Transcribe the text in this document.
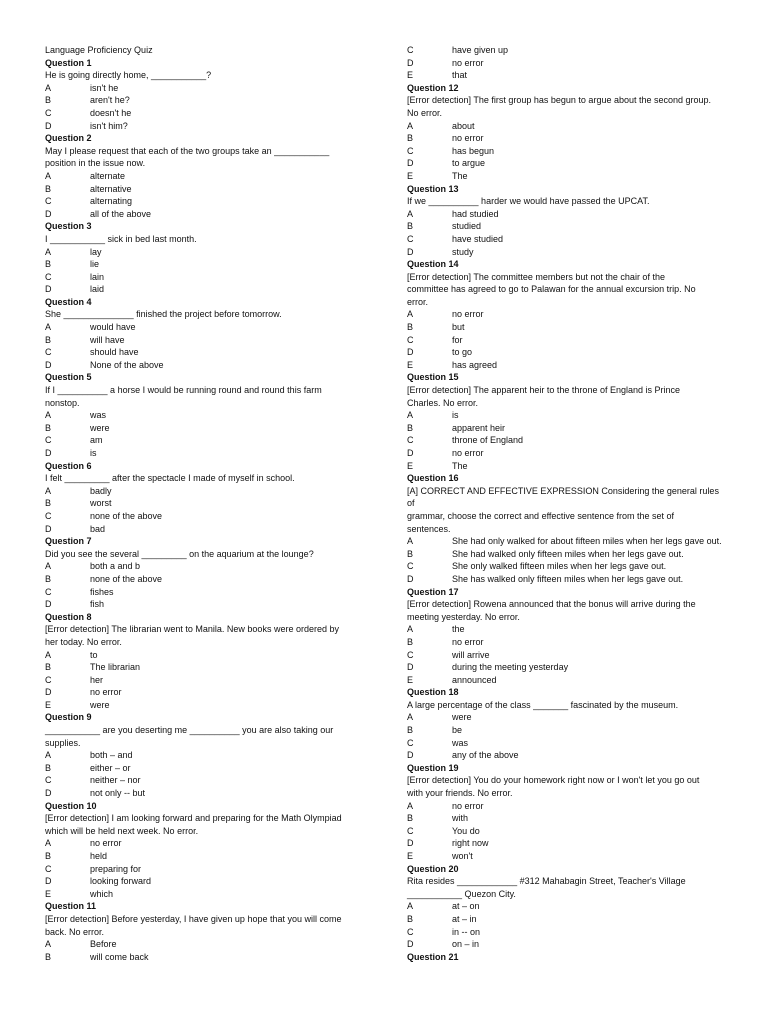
Language Proficiency Quiz
Question 1
He is going directly home, ___________?
A	isn't he
B	aren't he?
C	doesn't he
D	isn't him?
Question 2
May I please request that each of the two groups take an ___________
position in the issue now.
A	alternate
B	alternative
C	alternating
D	all of the above
Question 3
I ___________ sick in bed last month.
A	lay
B	lie
C	lain
D	laid
Question 4
She ______________ finished the project before tomorrow.
A	would have
B	will have
C	should have
D	None of the above
Question 5
If I __________ a horse I would be running round and round this farm
nonstop.
A	was
B	were
C	am
D	is
Question 6
I felt _________ after the spectacle I made of myself in school.
A	badly
B	worst
C	none of the above
D	bad
Question 7
Did you see the several _________ on the aquarium at the lounge?
A	both a and b
B	none of the above
C	fishes
D	fish
Question 8
[Error detection] The librarian went to Manila. New books were ordered by
her today. No error.
A	to
B	The librarian
C	her
D	no error
E	were
Question 9
___________ are you deserting me __________ you are also taking our
supplies.
A	both – and
B	either – or
C	neither – nor
D	not only -- but
Question 10
[Error detection] I am looking forward and preparing for the Math Olympiad
which will be held next week. No error.
A	no error
B	held
C	preparing for
D	looking forward
E	which
Question 11
[Error detection] Before yesterday, I have given up hope that you will come
back. No error.
A	Before
B	will come back
C	have given up
D	no error
E	that
Question 12
[Error detection] The first group has begun to argue about the second group.
No error.
A	about
B	no error
C	has begun
D	to argue
E	The
Question 13
If we __________ harder we would have passed the UPCAT.
A	had studied
B	studied
C	have studied
D	study
Question 14
[Error detection] The committee members but not the chair of the
committee has agreed to go to Palawan for the annual excursion trip. No
error.
A	no error
B	but
C	for
D	to go
E	has agreed
Question 15
[Error detection] The apparent heir to the throne of England is Prince
Charles. No error.
A	is
B	apparent heir
C	throne of England
D	no error
E	The
Question 16
[A] CORRECT AND EFFECTIVE EXPRESSION Considering the general rules of
grammar, choose the correct and effective sentence from the set of
sentences.
A	She had only walked for about fifteen miles when her legs gave out.
B	She had walked only fifteen miles when her legs gave out.
C	She only walked fifteen miles when her legs gave out.
D	She has walked only fifteen miles when her legs gave out.
Question 17
[Error detection] Rowena announced that the bonus will arrive during the
meeting yesterday. No error.
A	the
B	no error
C	will arrive
D	during the meeting yesterday
E	announced
Question 18
A large percentage of the class _______ fascinated by the museum.
A	were
B	be
C	was
D	any of the above
Question 19
[Error detection] You do your homework right now or I won't let you go out
with your friends. No error.
A	no error
B	with
C	You do
D	right now
E	won't
Question 20
Rita resides ____________ #312 Mahabagin Street, Teacher's Village
___________ Quezon City.
A	at – on
B	at – in
C	in -- on
D	on – in
Question 21
